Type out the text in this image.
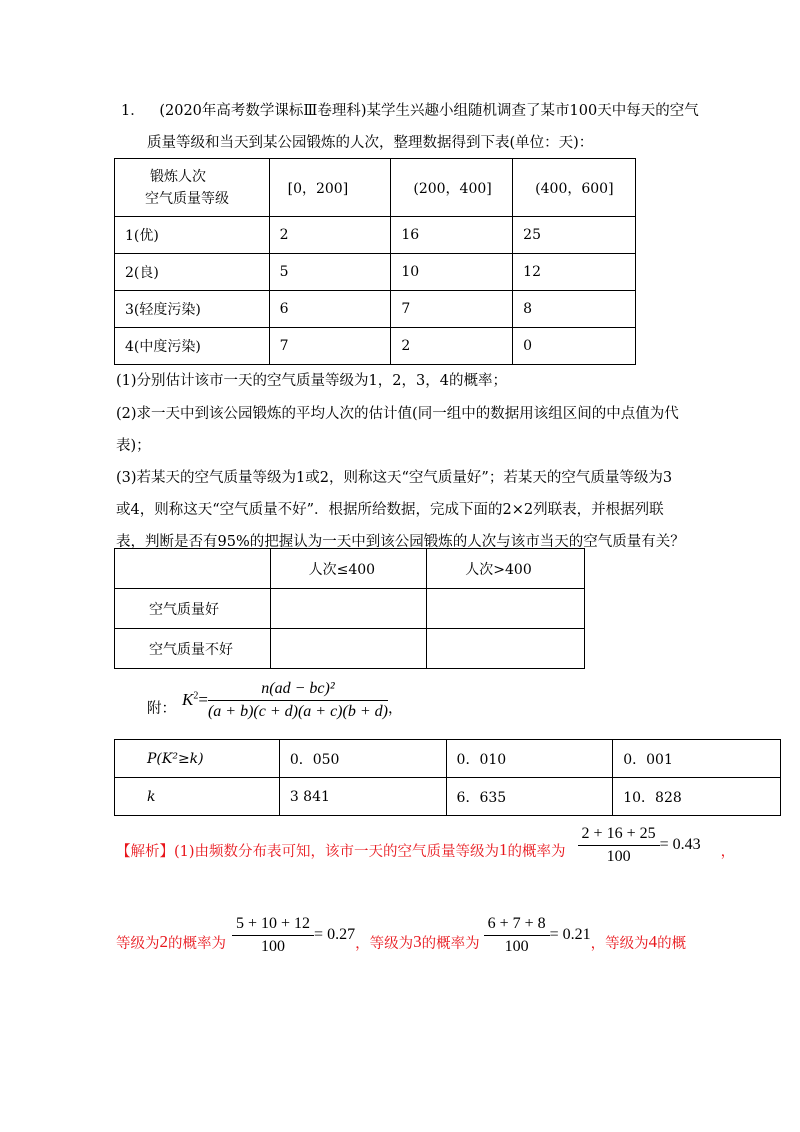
1． (2020年高考数学课标Ⅲ卷理科)某学生兴趣小组随机调查了某市100天中每天的空气
质量等级和当天到某公园锻炼的人次，整理数据得到下表(单位：天)：
锻炼人次
空气质量等级	[0，200]	(200，400]	(400，600]
1(优)	2	16	25
2(良)	5	10	12
3(轻度污染)	6	7	8
4(中度污染)	7	2	0
(1)分别估计该市一天的空气质量等级为1，2，3，4的概率；
(2)求一天中到该公园锻炼的平均人次的估计值(同一组中的数据用该组区间的中点值为代
表)；
(3)若某天的空气质量等级为1或2，则称这天“空气质量好”；若某天的空气质量等级为3
或4，则称这天“空气质量不好”．根据所给数据，完成下面的2×2列联表，并根据列联
表，判断是否有95%的把握认为一天中到该公园锻炼的人次与该市当天的空气质量有关？
	人次≤400	人次>400
空气质量好		
空气质量不好		
附： $K^2 = \frac{\text{n(ad − bc)²}}{(a + b)(c + d)(a + c)(b + d)}$ ，
P(K²≥k)	0．050	0．010	0．001
k	3 841	6．635	10．828
【解析】 (1)由频数分布表可知，该市一天的空气质量等级为 1 的概率为 $\frac{2 + 16 + 25}{100} = 0.43$ ，
等级为 2 的概率为 $\frac{5 + 10 + 12}{100} = 0.27$
，等级为 3 的概率为 $\frac{6 + 7 + 8}{100} = 0.21$
，等级为 4 的概
